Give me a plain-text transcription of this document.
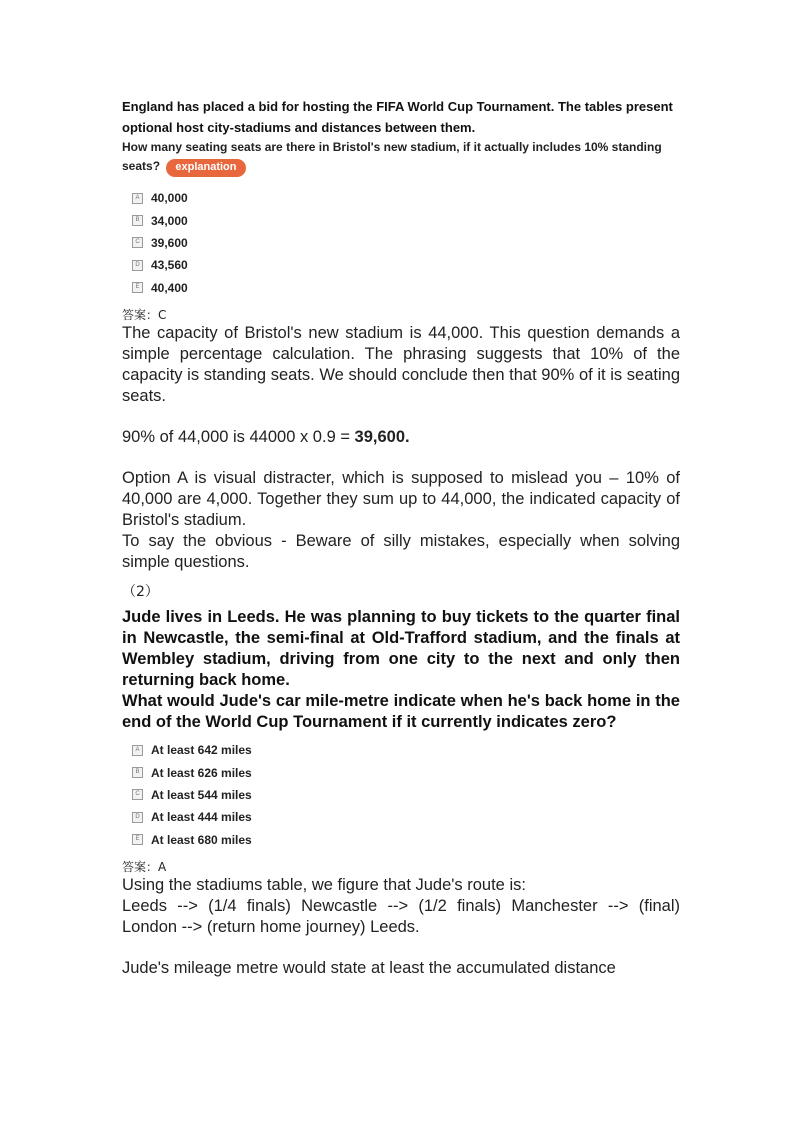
England has placed a bid for hosting the FIFA World Cup Tournament. The tables present optional host city-stadiums and distances between them.

How many seating seats are there in Bristol's new stadium, if it actually includes 10% standing
seats? explanation

A 40,000
B 34,000
C 39,600
D 43,560
E 40,400
答案：C

The capacity of Bristol's new stadium is 44,000. This question demands a simple percentage calculation. The phrasing suggests that 10% of the capacity is standing seats. We should conclude then that 90% of it is seating seats.

90% of 44,000 is 44000 x 0.9 = 39,600.

Option A is visual distracter, which is supposed to mislead you – 10% of 40,000 are 4,000. Together they sum up to 44,000, the indicated capacity of Bristol's stadium.

To say the obvious - Beware of silly mistakes, especially when solving simple questions.

（2）

Jude lives in Leeds. He was planning to buy tickets to the quarter final in Newcastle, the semi-final at Old-Trafford stadium, and the finals at Wembley stadium, driving from one city to the next and only then returning back home.

What would Jude's car mile-metre indicate when he's back home in the end of the World Cup Tournament if it currently indicates zero?

A At least 642 miles
B At least 626 miles
C At least 544 miles
D At least 444 miles
E At least 680 miles
答案：A

Using the stadiums table, we figure that Jude's route is:

Leeds --> (1/4 finals) Newcastle --> (1/2 finals) Manchester --> (final) London --> (return home journey) Leeds.

Jude's mileage metre would state at least the accumulated distance
